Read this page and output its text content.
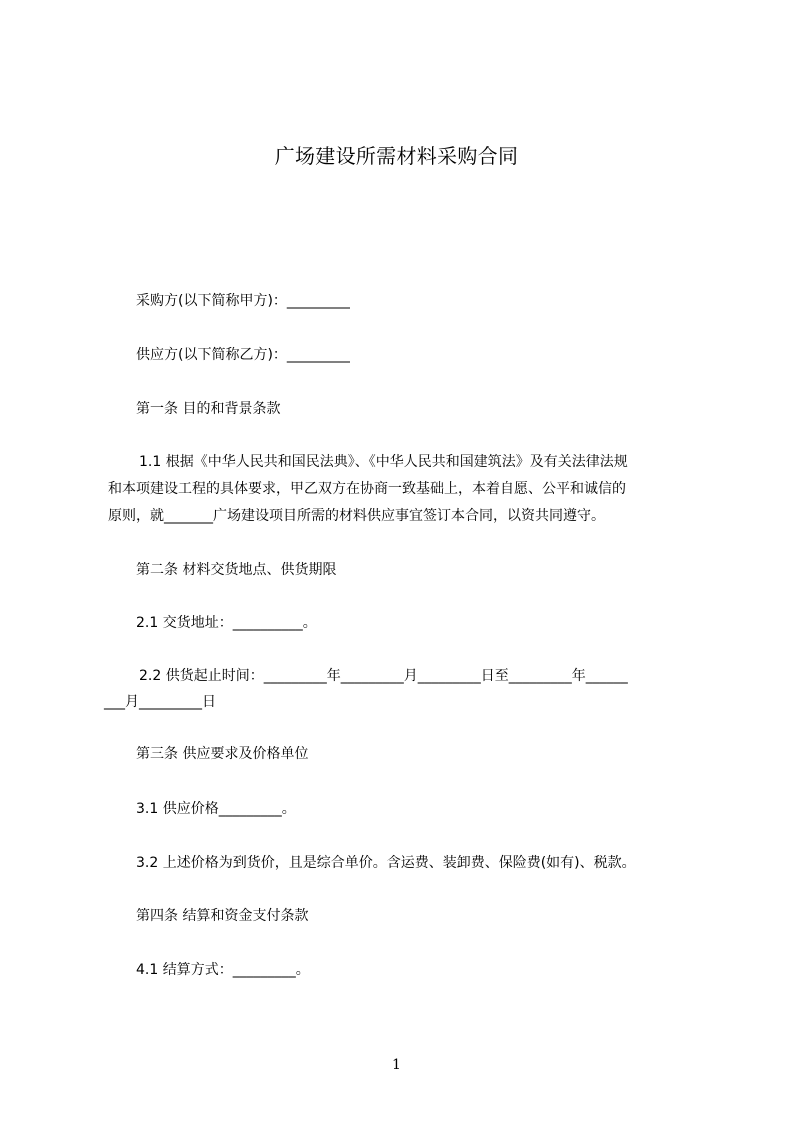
广场建设所需材料采购合同
采购方(以下简称甲方)：_________
供应方(以下简称乙方)：_________
第一条 目的和背景条款
1.1 根据《中华人民共和国民法典》、《中华人民共和国建筑法》及有关法律法规
和本项建设工程的具体要求，甲乙双方在协商一致基础上，本着自愿、公平和诚信的
原则，就_______广场建设项目所需的材料供应事宜签订本合同，以资共同遵守。
第二条 材料交货地点、供货期限
2.1 交货地址：__________。
2.2 供货起止时间：_________年_________月_________日至_________年______
___月_________日
第三条 供应要求及价格单位
3.1 供应价格_________。
3.2 上述价格为到货价，且是综合单价。含运费、装卸费、保险费(如有)、税款。
第四条 结算和资金支付条款
4.1 结算方式：_________。
1
